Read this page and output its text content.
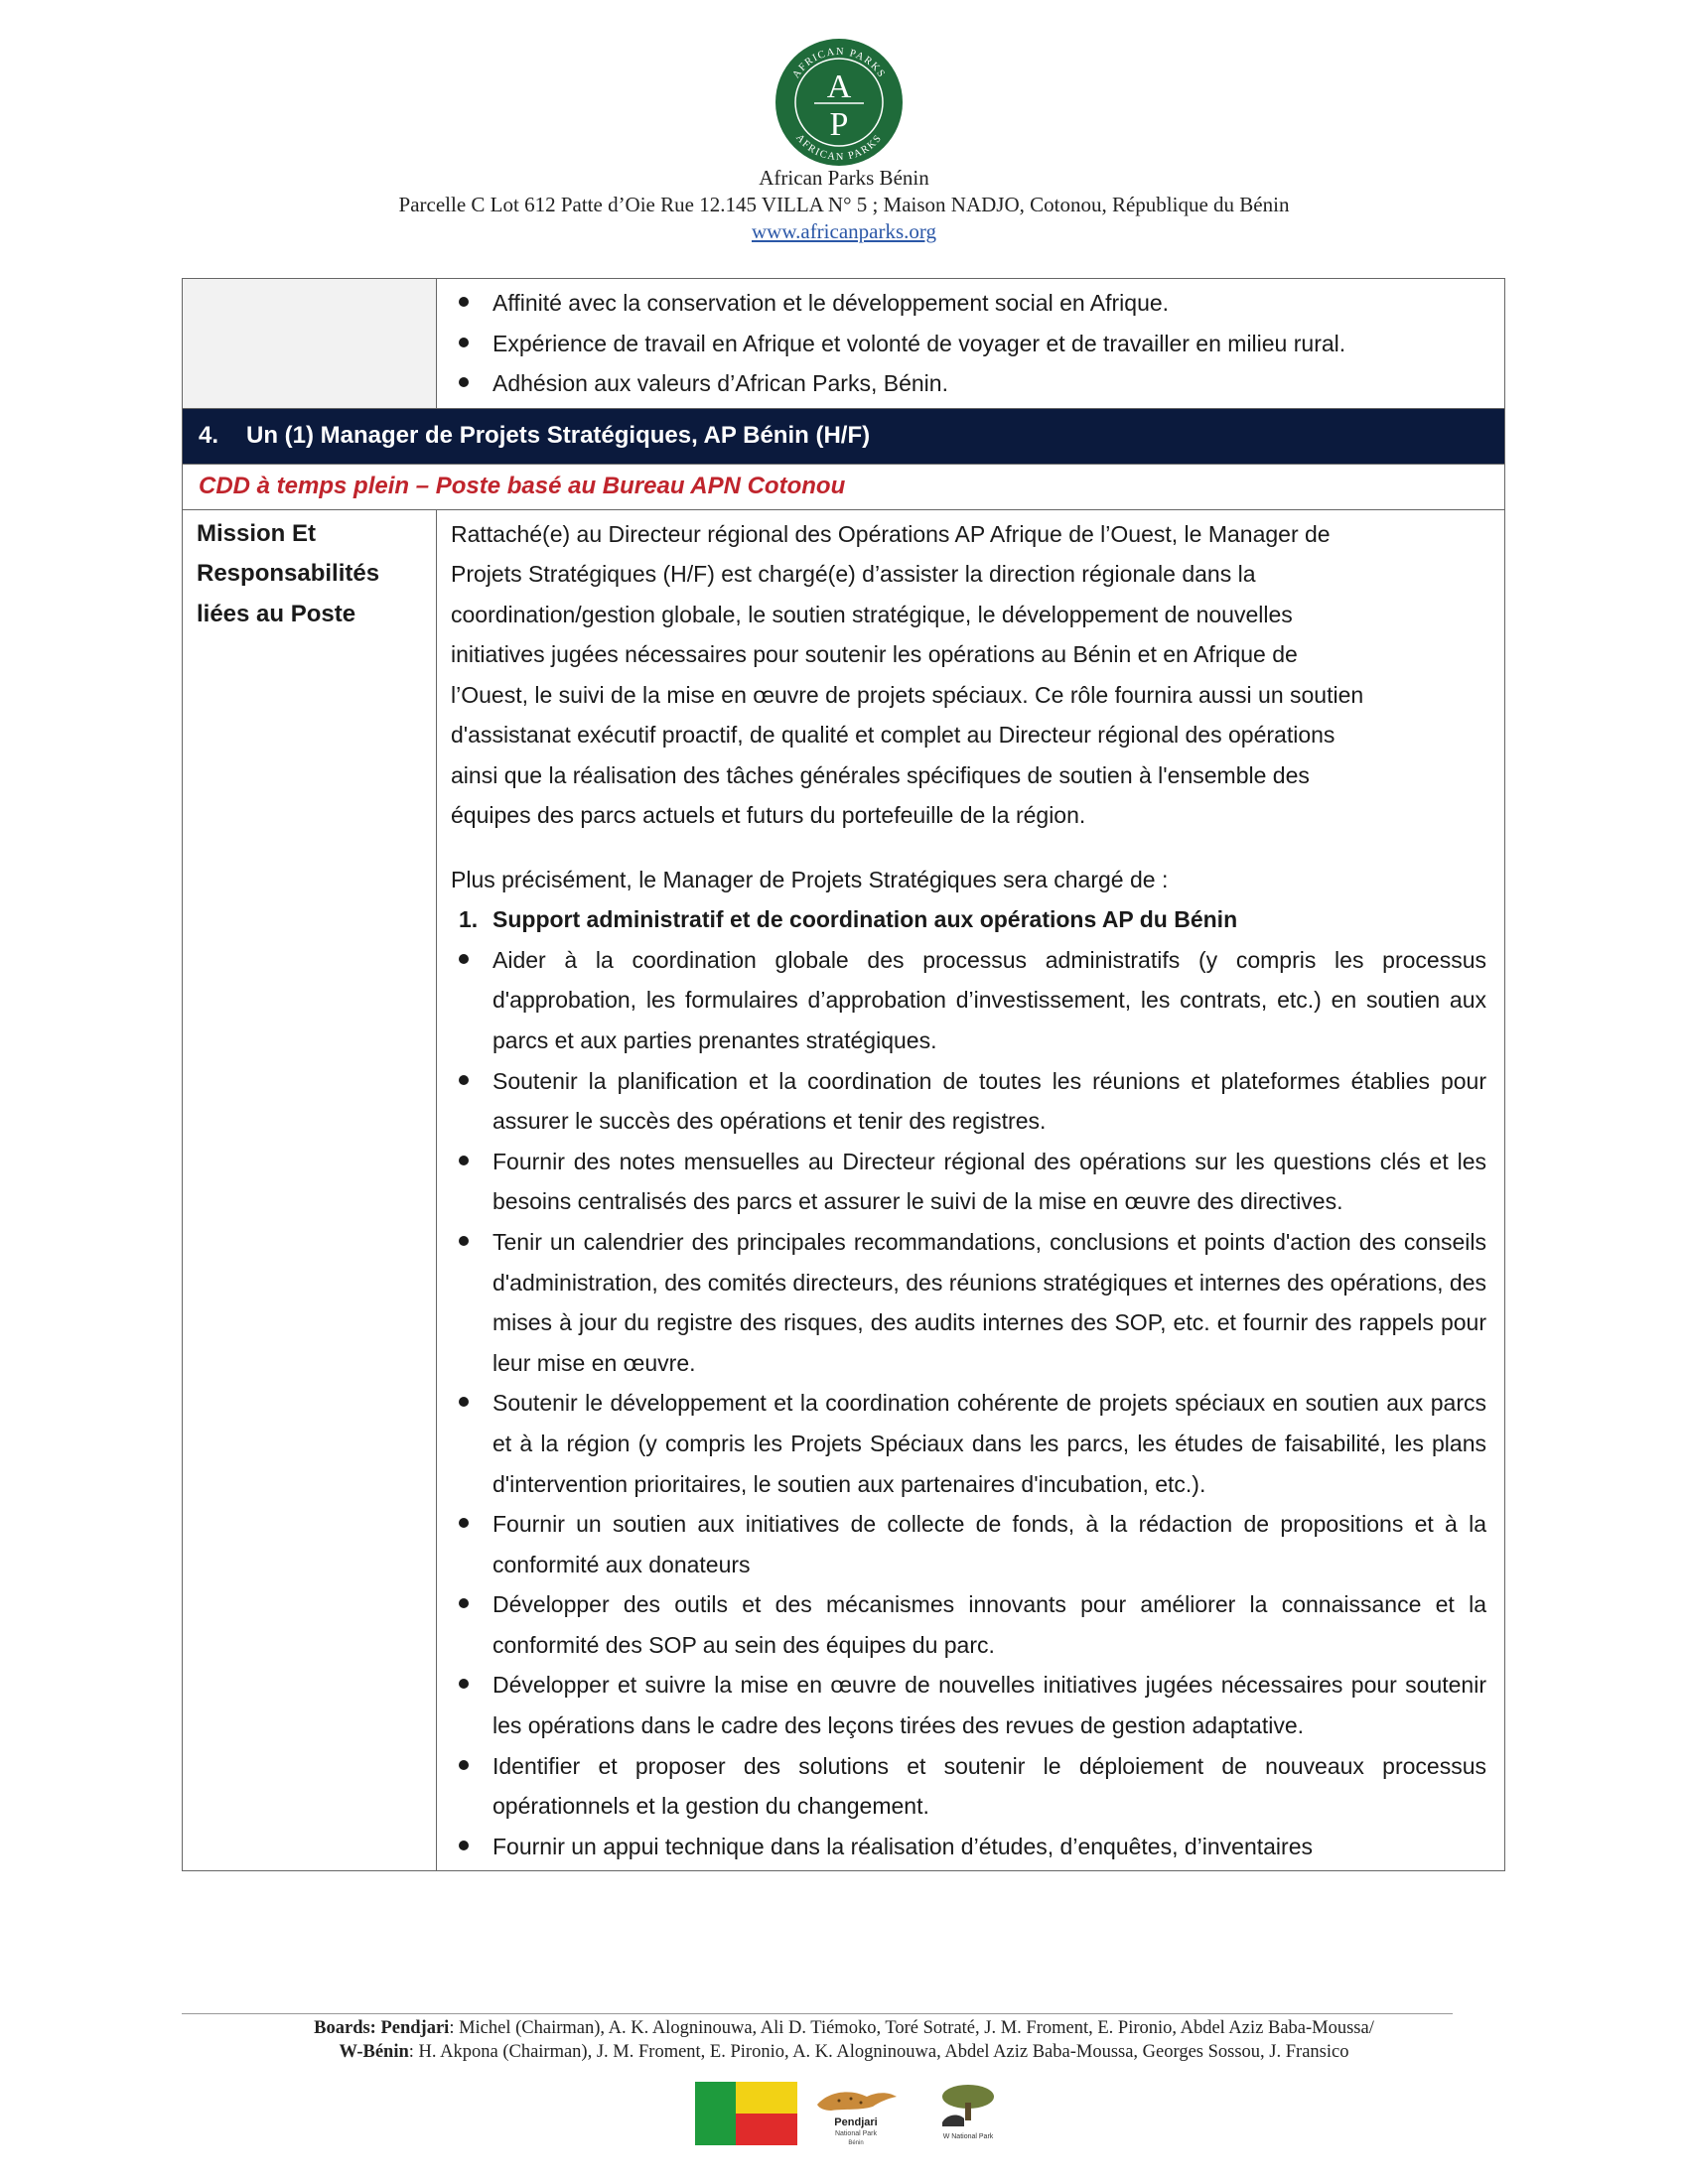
AFRICAN PARKS
AFRICAN PARKS
A
P
African Parks Bénin
Parcelle C Lot 612 Patte d’Oie Rue 12.145 VILLA N° 5 ; Maison NADJO, Cotonou, République du Bénin
www.africanparks.org
Affinité avec la conservation et le développement social en Afrique.
Expérience de travail en Afrique et volonté de voyager et de travailler en milieu rural.
Adhésion aux valeurs d’African Parks, Bénin.
4.	Un (1) Manager de Projets Stratégiques, AP Bénin (H/F)
CDD à temps plein – Poste basé au Bureau APN Cotonou
Mission Et
Responsabilités
liées au Poste
Rattaché(e) au Directeur régional des Opérations AP Afrique de l’Ouest, le Manager de
Projets Stratégiques (H/F) est chargé(e) d’assister la direction régionale dans la
coordination/gestion globale, le soutien stratégique, le développement de nouvelles
initiatives jugées nécessaires pour soutenir les opérations au Bénin et en Afrique de
l’Ouest, le suivi de la mise en œuvre de projets spéciaux. Ce rôle fournira aussi un soutien
d'assistanat exécutif proactif, de qualité et complet au Directeur régional des opérations
ainsi que la réalisation des tâches générales spécifiques de soutien à l'ensemble des
équipes des parcs actuels et futurs du portefeuille de la région.

Plus précisément, le Manager de Projets Stratégiques sera chargé de :

1. Support administratif et de coordination aux opérations AP du Bénin
Aider à la coordination globale des processus administratifs (y compris les processus d'approbation, les formulaires d’approbation d’investissement, les contrats, etc.) en soutien aux parcs et aux parties prenantes stratégiques.
Soutenir la planification et la coordination de toutes les réunions et plateformes établies pour assurer le succès des opérations et tenir des registres.
Fournir des notes mensuelles au Directeur régional des opérations sur les questions clés et les besoins centralisés des parcs et assurer le suivi de la mise en œuvre des directives.
Tenir un calendrier des principales recommandations, conclusions et points d'action des conseils d'administration, des comités directeurs, des réunions stratégiques et internes des opérations, des mises à jour du registre des risques, des audits internes des SOP, etc. et fournir des rappels pour leur mise en œuvre.
Soutenir le développement et la coordination cohérente de projets spéciaux en soutien aux parcs et à la région (y compris les Projets Spéciaux dans les parcs, les études de faisabilité, les plans d'intervention prioritaires, le soutien aux partenaires d'incubation, etc.).
Fournir un soutien aux initiatives de collecte de fonds, à la rédaction de propositions et à la conformité aux donateurs
Développer des outils et des mécanismes innovants pour améliorer la connaissance et la conformité des SOP au sein des équipes du parc.
Développer et suivre la mise en œuvre de nouvelles initiatives jugées nécessaires pour soutenir les opérations dans le cadre des leçons tirées des revues de gestion adaptative.
Identifier et proposer des solutions et soutenir le déploiement de nouveaux processus opérationnels et la gestion du changement.
Fournir un appui technique dans la réalisation d’études, d’enquêtes, d’inventaires
Boards: Pendjari: Michel (Chairman), A. K. Alogninouwa, Ali D. Tiémoko, Toré Sotraté, J. M. Froment, E. Pironio, Abdel Aziz Baba-Moussa/
W-Bénin: H. Akpona (Chairman), J. M. Froment, E. Pironio, A. K. Alogninouwa, Abdel Aziz Baba-Moussa, Georges Sossou, J. Fransico
Pendjari
National Park
Bénin
W National Park
